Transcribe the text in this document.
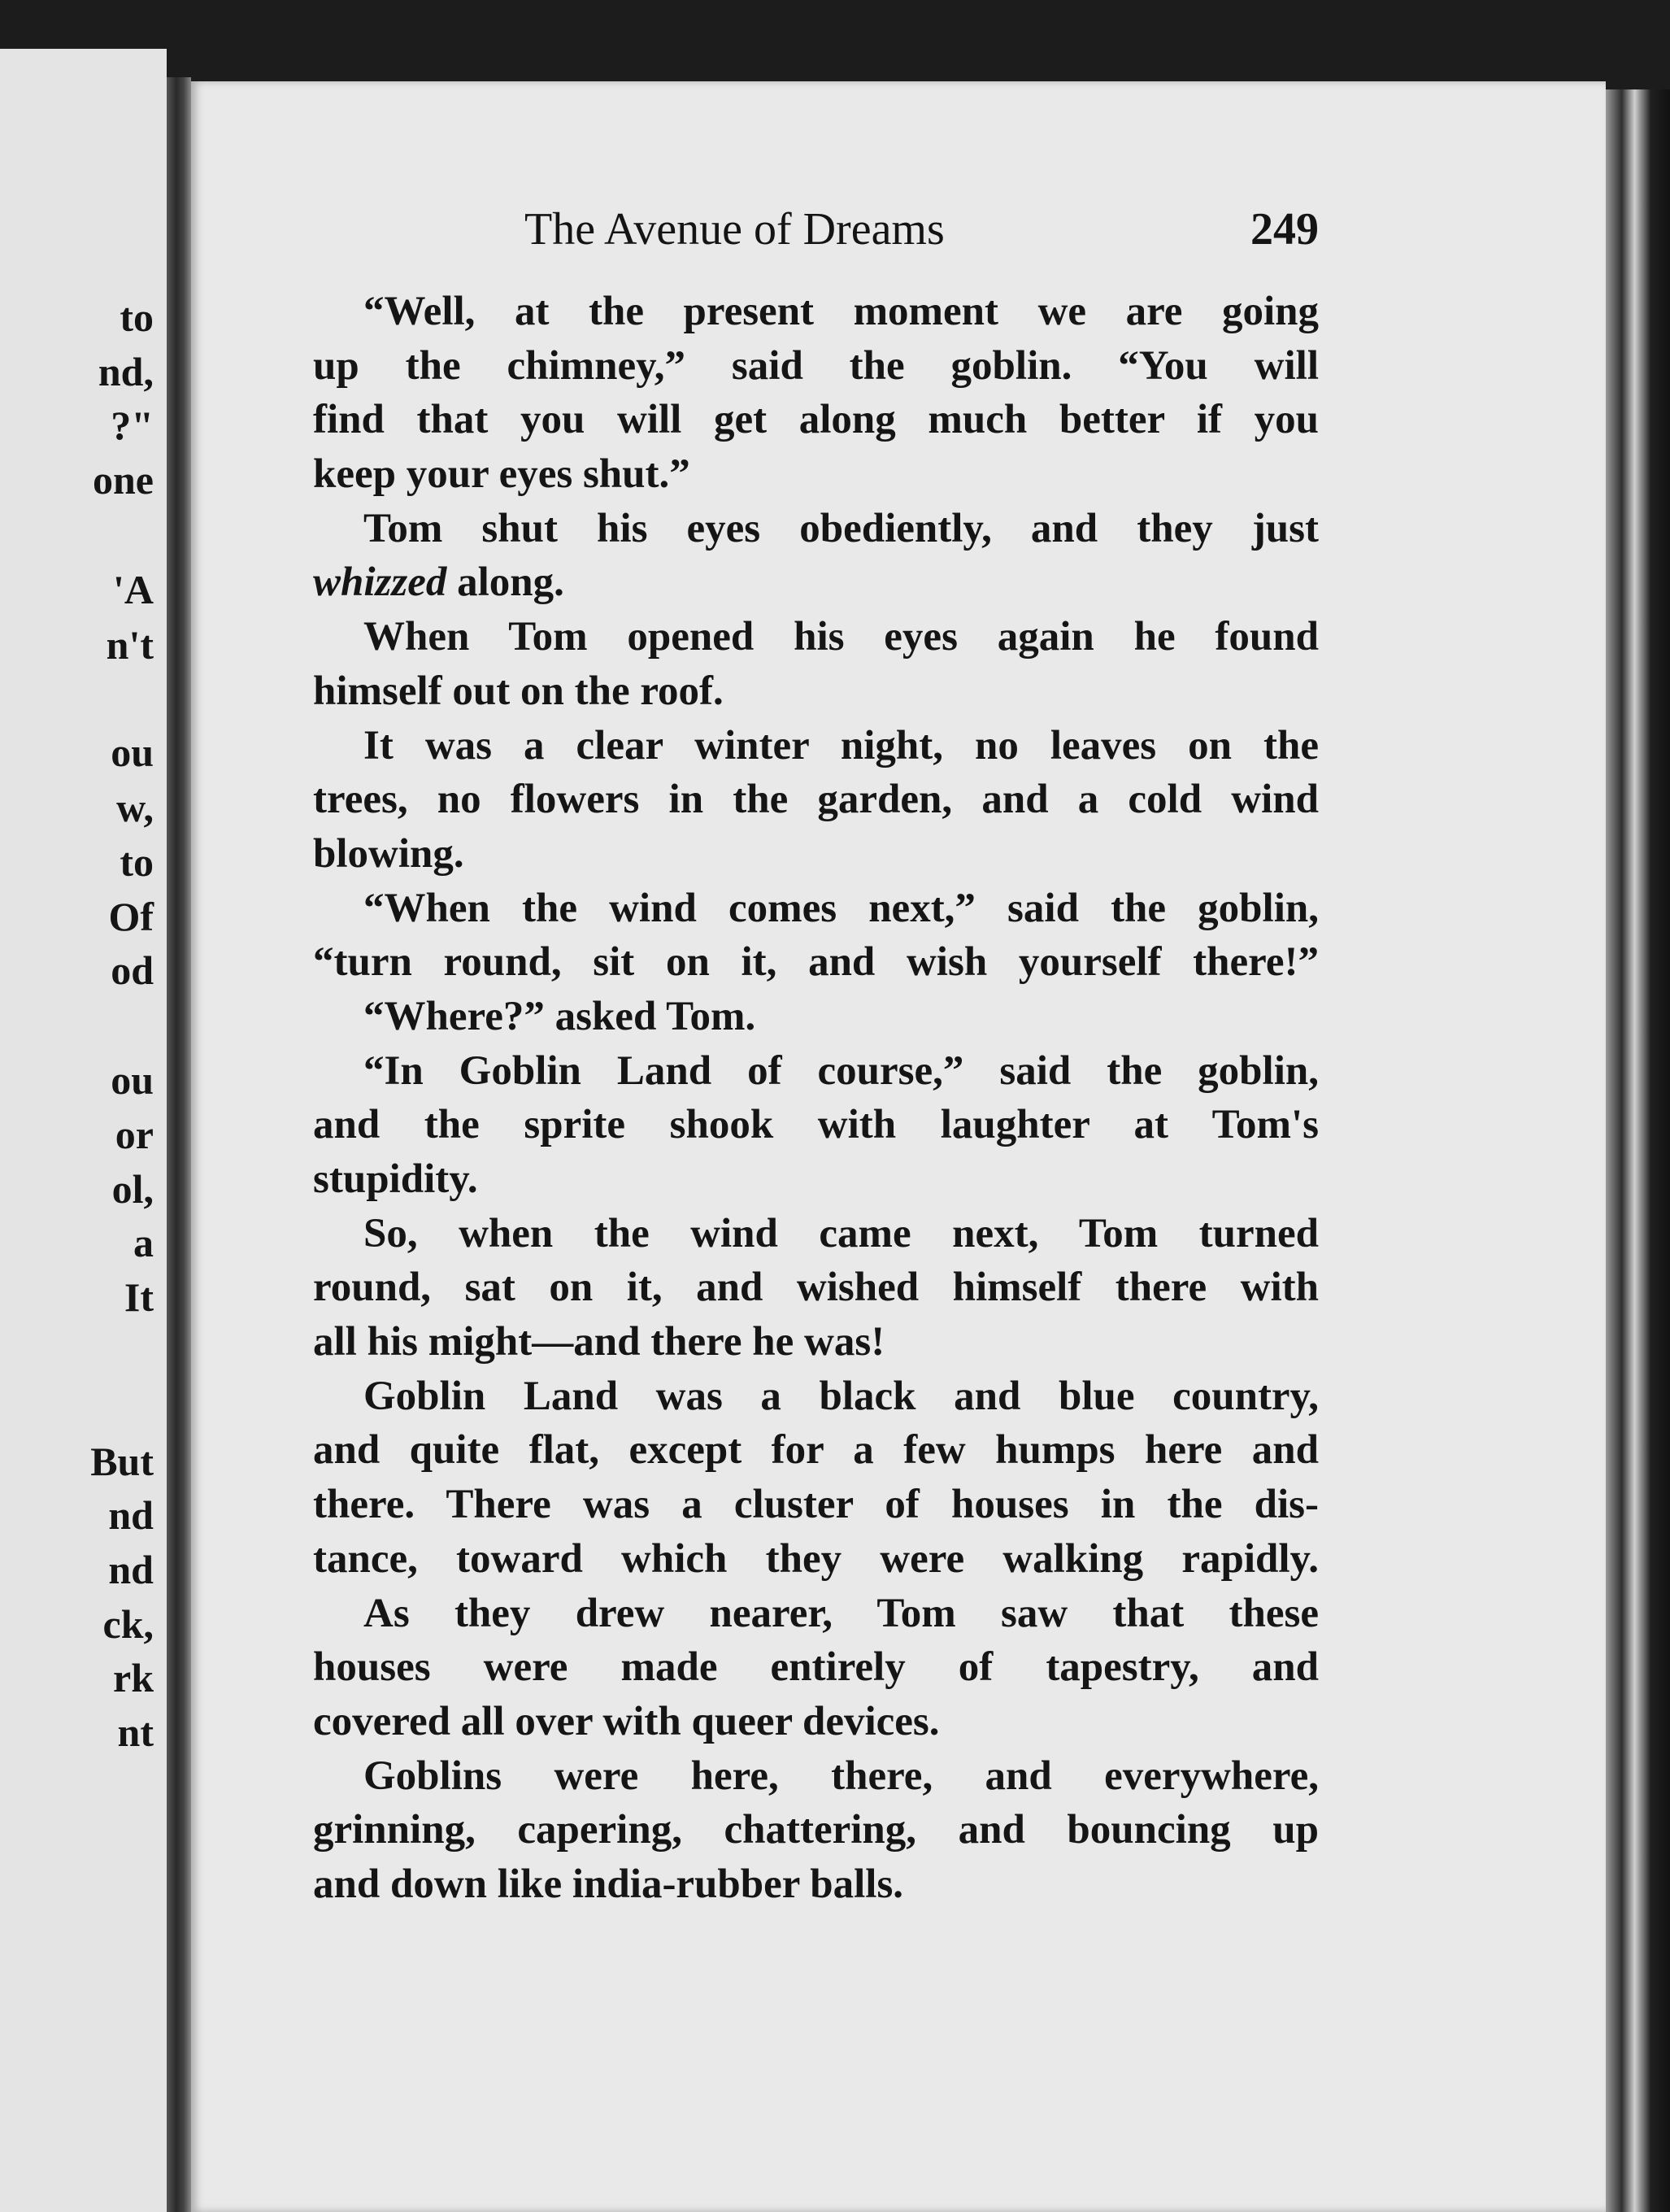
to
nd,
?"
one
'A
n't
ou
w,
to
Of
od
ou
or
ol,
a
It
But
nd
nd
ck,
rk
nt
The Avenue of Dreams	249
“Well, at the present moment we are going
up the chimney,” said the goblin. “You will
find that you will get along much better if you
keep your eyes shut.”
Tom shut his eyes obediently, and they just
whizzed along.
When Tom opened his eyes again he found
himself out on the roof.
It was a clear winter night, no leaves on the
trees, no flowers in the garden, and a cold wind
blowing.
“When the wind comes next,” said the goblin,
“turn round, sit on it, and wish yourself there!”
“Where?” asked Tom.
“In Goblin Land of course,” said the goblin,
and the sprite shook with laughter at Tom's
stupidity.
So, when the wind came next, Tom turned
round, sat on it, and wished himself there with
all his might—and there he was!
Goblin Land was a black and blue country,
and quite flat, except for a few humps here and
there. There was a cluster of houses in the dis-
tance, toward which they were walking rapidly.
As they drew nearer, Tom saw that these
houses were made entirely of tapestry, and
covered all over with queer devices.
Goblins were here, there, and everywhere,
grinning, capering, chattering, and bouncing up
and down like india-rubber balls.
